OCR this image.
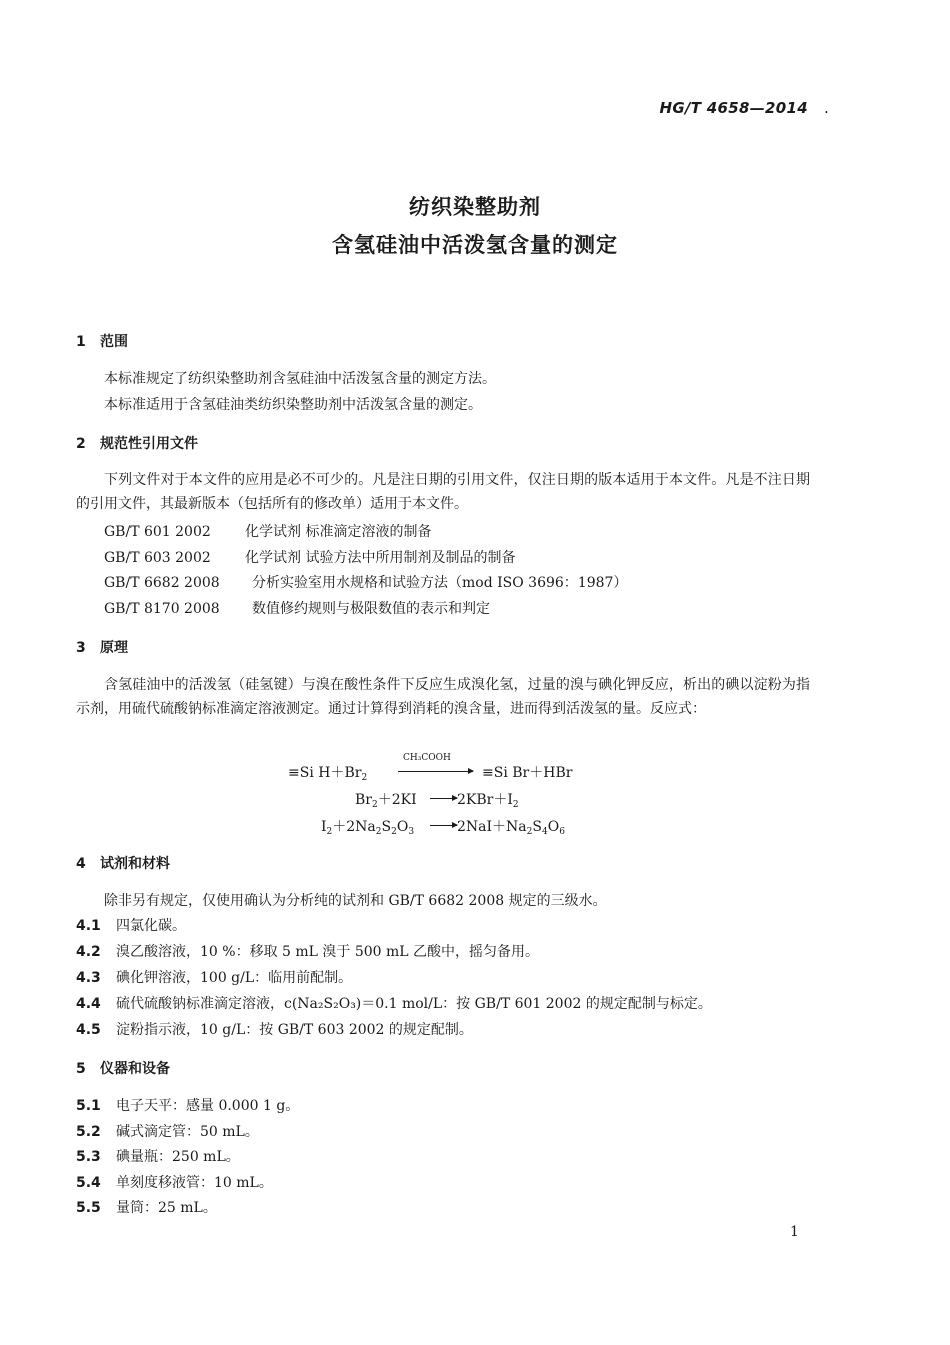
HG/T 4658—2014 .
纺织染整助剂
含氢硅油中活泼氢含量的测定
1 范围
本标准规定了纺织染整助剂含氢硅油中活泼氢含量的测定方法。
本标准适用于含氢硅油类纺织染整助剂中活泼氢含量的测定。
2 规范性引用文件
下列文件对于本文件的应用是必不可少的。凡是注日期的引用文件，仅注日期的版本适用于本文件。凡是不注日期的引用文件，其最新版本（包括所有的修改单）适用于本文件。
GB/T 601 2002 化学试剂 标准滴定溶液的制备
GB/T 603 2002 化学试剂 试验方法中所用制剂及制品的制备
GB/T 6682 2008 分析实验室用水规格和试验方法（mod ISO 3696：1987）
GB/T 8170 2008 数值修约规则与极限数值的表示和判定
3 原理
含氢硅油中的活泼氢（硅氢键）与溴在酸性条件下反应生成溴化氢，过量的溴与碘化钾反应，析出的碘以淀粉为指示剂，用硫代硫酸钠标准滴定溶液测定。通过计算得到消耗的溴含量，进而得到活泼氢的量。反应式：
CH₃COOH
≡Si $H+Br_2$	≡Si Br＋HBr
$Br_2+2KI \to 2KBr+I_2$
$I_2+2Na_2S_2O_3 \to 2NaI+Na_2S_4O_6$
4 试剂和材料
除非另有规定，仅使用确认为分析纯的试剂和 GB/T 6682 2008 规定的三级水。
4.1 四氯化碳。
4.2 溴乙酸溶液，10 %：移取 5 mL 溴于 500 mL 乙酸中，摇匀备用。
4.3 碘化钾溶液，100 g/L：临用前配制。
4.4 硫代硫酸钠标准滴定溶液，c(Na₂S₂O₃)＝0.1 mol/L：按 GB/T 601 2002 的规定配制与标定。
4.5 淀粉指示液，10 g/L：按 GB/T 603 2002 的规定配制。
5 仪器和设备
5.1 电子天平：感量 0.000 1 g。
5.2 碱式滴定管：50 mL。
5.3 碘量瓶：250 mL。
5.4 单刻度移液管：10 mL。
5.5 量筒：25 mL。
1
